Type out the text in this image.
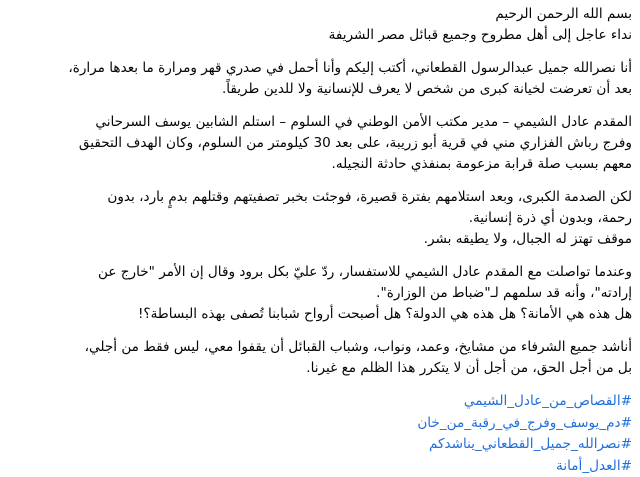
بسم الله الرحمن الرحيم
نداء عاجل إلى أهل مطروح وجميع قبائل مصر الشريفة
أنا نصرالله جميل عبدالرسول القطعاني، أكتب إليكم وأنا أحمل في صدري قهر ومرارة ما بعدها مرارة،
بعد أن تعرضت لخيانة كبرى من شخص لا يعرف للإنسانية ولا للدين طريقاً.
المقدم عادل الشيمي – مدير مكتب الأمن الوطني في السلوم – استلم الشابين يوسف السرحاني
وفرج رباش الفزاري مني في قرية أبو زريبة، على بعد 30 كيلومتر من السلوم، وكان الهدف التحقيق
معهم بسبب صلة قرابة مزعومة بمنفذي حادثة النجيله.
لكن الصدمة الكبرى، وبعد استلامهم بفترة قصيرة، فوجئت بخبر تصفيتهم وقتلهم بدمٍ بارد، بدون
رحمة، وبدون أي ذرة إنسانية.
موقف تهتز له الجبال، ولا يطيقه بشر.
وعندما تواصلت مع المقدم عادل الشيمي للاستفسار، ردّ عليّ بكل برود وقال إن الأمر "خارج عن
إرادته"، وأنه قد سلمهم لـ"ضباط من الوزارة".
هل هذه هي الأمانة؟ هل هذه هي الدولة؟ هل أصبحت أرواح شبابنا تُصفى بهذه البساطة؟!
أناشد جميع الشرفاء من مشايخ، وعمد، ونواب، وشباب القبائل أن يقفوا معي، ليس فقط من أجلي،
بل من أجل الحق، من أجل أن لا يتكرر هذا الظلم مع غيرنا.
#القصاص_من_عادل_الشيمي
#دم_يوسف_وفرج_في_رقبة_من_خان
#نصرالله_جميل_القطعاني_يناشدكم
#العدل_أمانة
